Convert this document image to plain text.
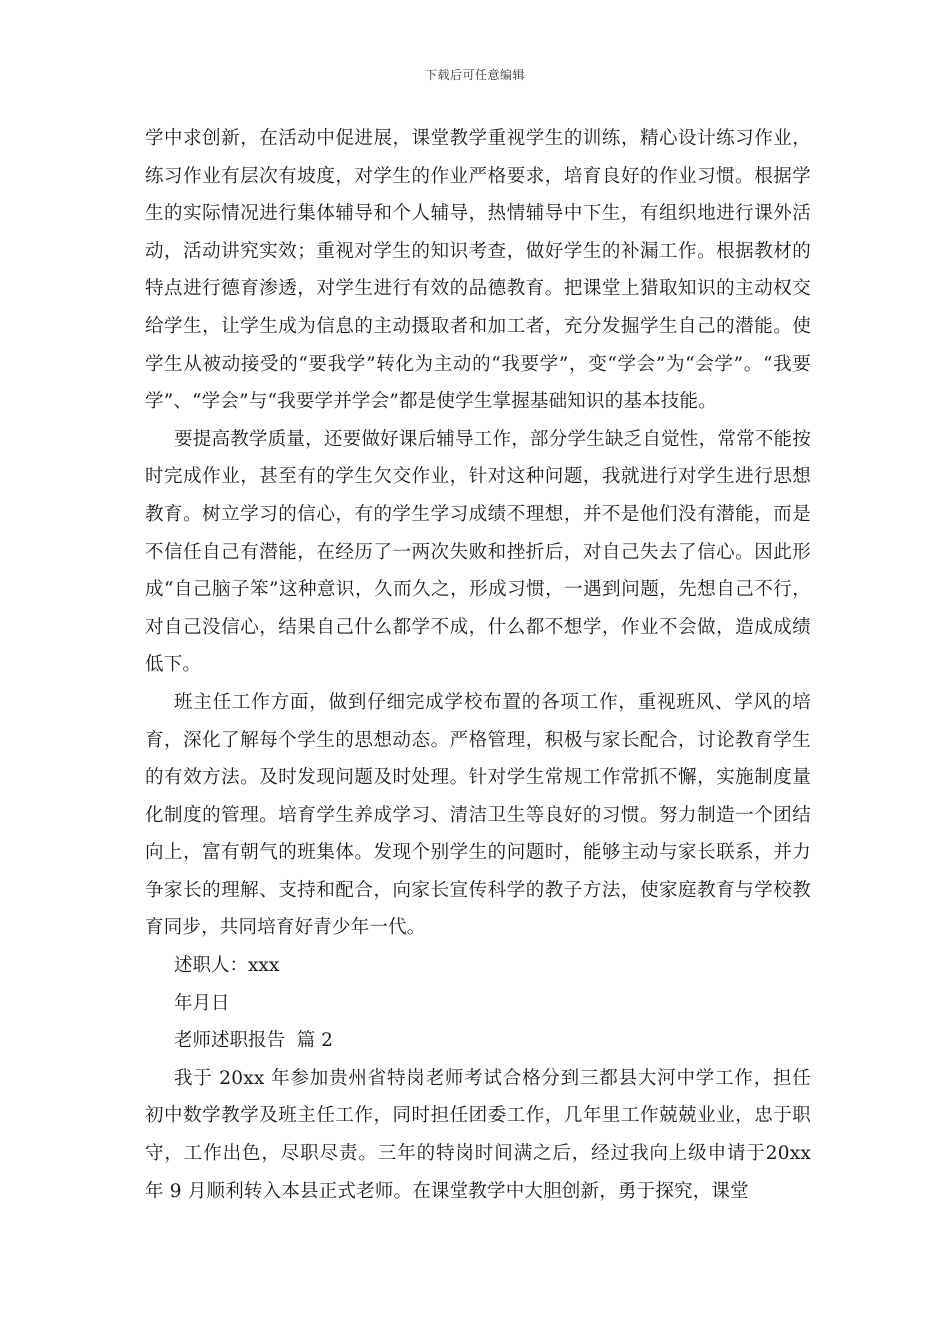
下载后可任意编辑

学中求创新，在活动中促进展，课堂教学重视学生的训练，精心设计练习作业，练习作业有层次有坡度，对学生的作业严格要求，培育良好的作业习惯。根据学生的实际情况进行集体辅导和个人辅导，热情辅导中下生，有组织地进行课外活动，活动讲究实效；重视对学生的知识考查，做好学生的补漏工作。根据教材的特点进行德育渗透，对学生进行有效的品德教育。把课堂上猎取知识的主动权交给学生，让学生成为信息的主动摄取者和加工者，充分发掘学生自己的潜能。使学生从被动接受的“要我学”转化为主动的“我要学”，变“学会”为“会学”。“我要学”、“学会”与“我要学并学会”都是使学生掌握基础知识的基本技能。

要提高教学质量，还要做好课后辅导工作，部分学生缺乏自觉性，常常不能按时完成作业，甚至有的学生欠交作业，针对这种问题，我就进行对学生进行思想教育。树立学习的信心，有的学生学习成绩不理想，并不是他们没有潜能，而是不信任自己有潜能，在经历了一两次失败和挫折后，对自己失去了信心。因此形成“自己脑子笨”这种意识，久而久之，形成习惯，一遇到问题，先想自己不行，对自己没信心，结果自己什么都学不成，什么都不想学，作业不会做，造成成绩低下。

班主任工作方面，做到仔细完成学校布置的各项工作，重视班风、学风的培育，深化了解每个学生的思想动态。严格管理，积极与家长配合，讨论教育学生的有效方法。及时发现问题及时处理。针对学生常规工作常抓不懈，实施制度量化制度的管理。培育学生养成学习、清洁卫生等良好的习惯。努力制造一个团结向上，富有朝气的班集体。发现个别学生的问题时，能够主动与家长联系，并力争家长的理解、支持和配合，向家长宣传科学的教子方法，使家庭教育与学校教育同步，共同培育好青少年一代。

述职人：xxx

年月日

老师述职报告  篇 2

我于 20xx 年参加贵州省特岗老师考试合格分到三都县大河中学工作，担任初中数学教学及班主任工作，同时担任团委工作，几年里工作兢兢业业，忠于职守，工作出色，尽职尽责。三年的特岗时间满之后，经过我向上级申请于20xx 年 9 月顺利转入本县正式老师。在课堂教学中大胆创新，勇于探究，课堂
